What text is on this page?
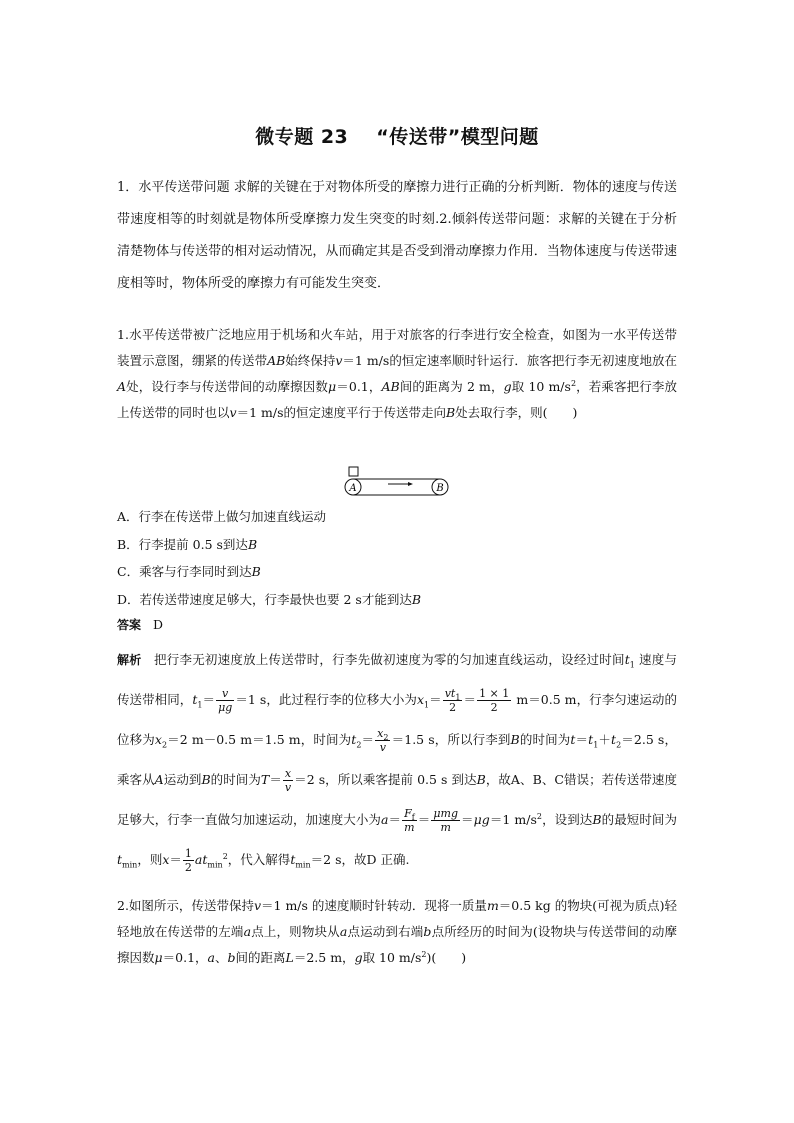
微专题 23 “传送带”模型问题
1．水平传送带问题 求解的关键在于对物体所受的摩擦力进行正确的分析判断．物体的速度与传送带速度相等的时刻就是物体所受摩擦力发生突变的时刻.2.倾斜传送带问题：求解的关键在于分析清楚物体与传送带的相对运动情况，从而确定其是否受到滑动摩擦力作用．当物体速度与传送带速度相等时，物体所受的摩擦力有可能发生突变．
1.水平传送带被广泛地应用于机场和火车站，用于对旅客的行李进行安全检查，如图为一水平传送带装置示意图，绷紧的传送带AB始终保持v＝1 m/s的恒定速率顺时针运行．旅客把行李无初速度地放在A处，设行李与传送带间的动摩擦因数μ＝0.1，AB间的距离为 2 m，g取 10 $m/s^2$，若乘客把行李放上传送带的同时也以v＝1 m/s的恒定速度平行于传送带走向B处去取行李，则(　　)
A	B
A．行李在传送带上做匀加速直线运动
B．行李提前 0.5 s到达B
C．乘客与行李同时到达B
D．若传送带速度足够大，行李最快也要 2 s才能到达B
答案 D
解析 把行李无初速度放上传送带时，行李先做初速度为零的匀加速直线运动，设经过时间$t_1$ 速度与传送带相同，$t_1= \frac{v}{\mu g} =1$ s，此过程行李的位移大小为$x_1= \frac{vt_1}{2} = \frac{1 \times 1}{2} m=0.5$ m，行李匀速运动的位移为$x_2=2$ m－0.5 m＝1.5 m，时间为$t_2= \frac{x_2}{v} =1.5$ s，所以行李到B的时间为$t=t_1+t_2=2.5$ s，乘客从A运动到B的时间为$T= \frac{x}{v} =2$ s，所以乘客提前 0.5 s 到达B，故A、B、C错误；若传送带速度足够大，行李一直做匀加速运动，加速度大小为$a= \frac{F_f}{m} = \frac{\text{μmg}}{m} =\mu g=1$ $m/s^2$，设到达B的最短时间为$t_{min}$，则$x= \frac{1}{2} at_{min}^2$，代入解得$t_{min}=2$ s，故D 正确.
2.如图所示，传送带保持v＝1 m/s 的速度顺时针转动．现将一质量m＝0.5 kg 的物块(可视为质点)轻轻地放在传送带的左端a点上，则物块从a点运动到右端b点所经历的时间为(设物块与传送带间的动摩擦因数μ＝0.1，a、b间的距离L＝2.5 m，g取 10 $m/s^2$)(　　)
